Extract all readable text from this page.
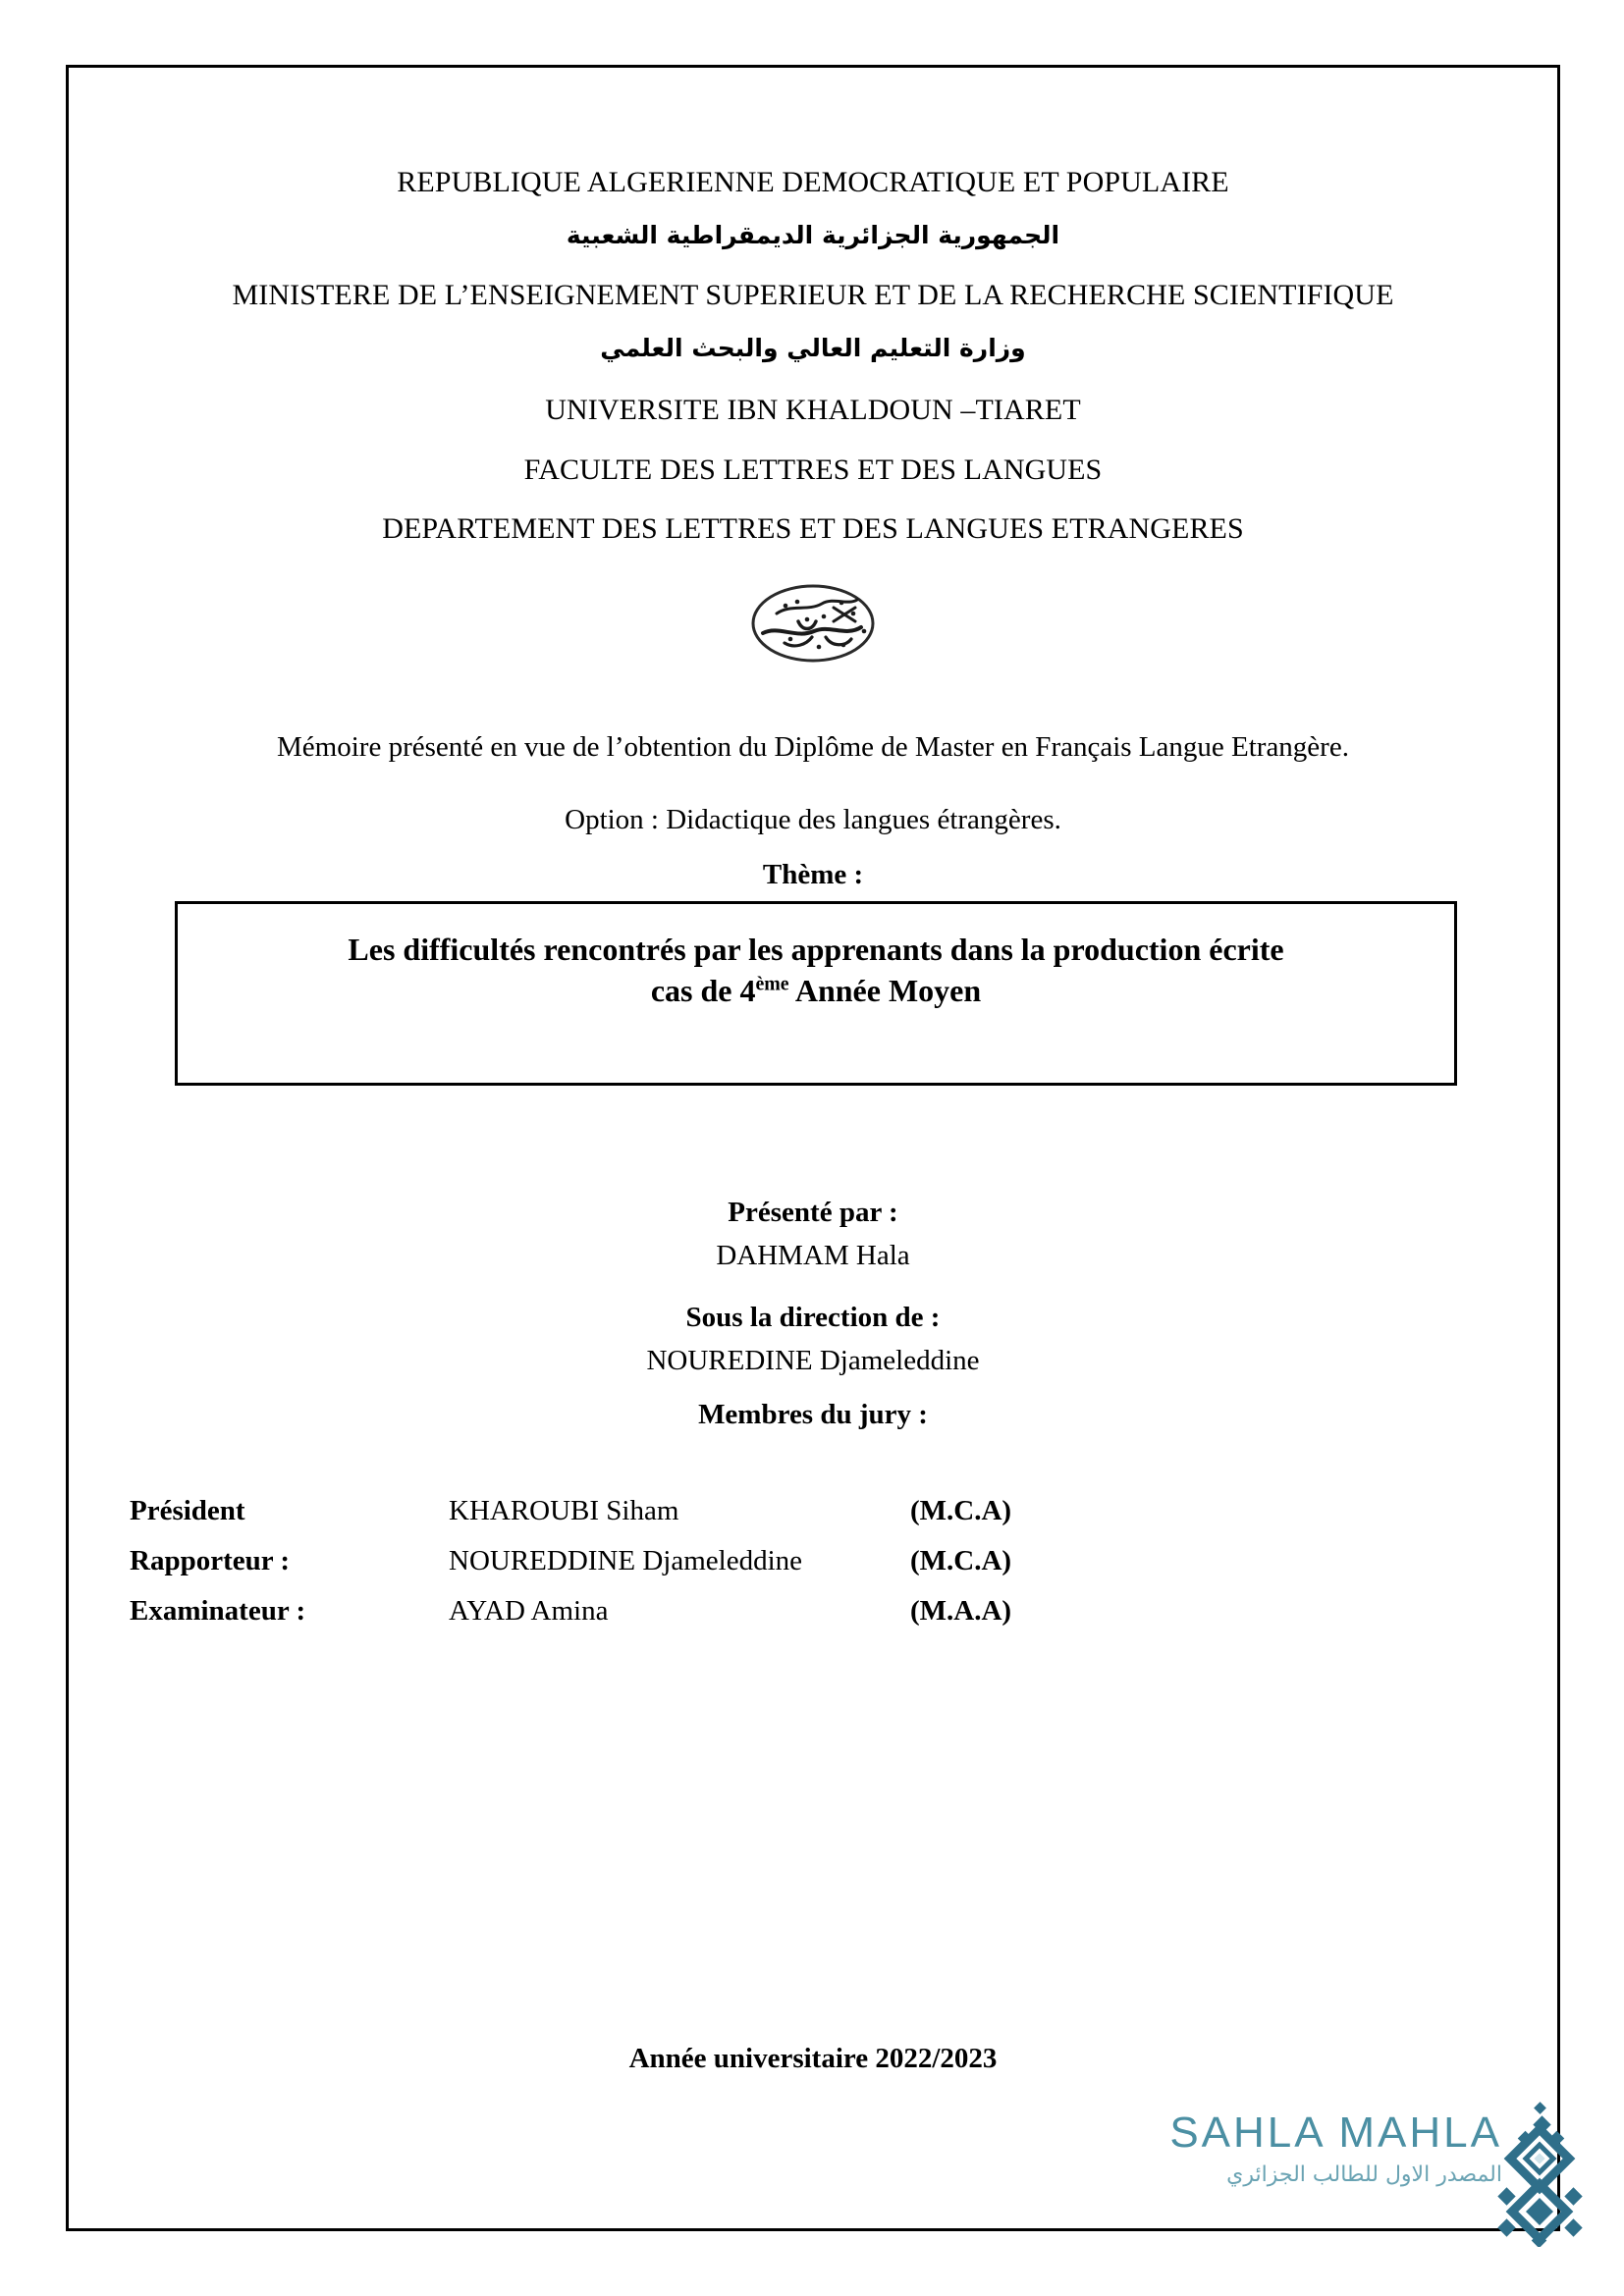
REPUBLIQUE ALGERIENNE DEMOCRATIQUE ET POPULAIRE
الجمهورية الجزائرية الديمقراطية الشعبية
MINISTERE DE L’ENSEIGNEMENT SUPERIEUR ET DE LA RECHERCHE SCIENTIFIQUE
وزارة التعليم العالي والبحث العلمي
UNIVERSITE IBN KHALDOUN –TIARET
FACULTE DES LETTRES ET DES LANGUES
DEPARTEMENT DES LETTRES ET DES LANGUES ETRANGERES

Mémoire présenté en vue de l’obtention du Diplôme de Master en Français Langue Etrangère.

Option : Didactique des langues étrangères.

Thème :
Les difficultés rencontrés par les apprenants dans la production écrite
cas de 4ème Année Moyen
Présenté par :
DAHMAM Hala
Sous la direction de :
NOUREDINE Djameleddine
Membres du jury :
Président	KHAROUBI Siham	(M.C.A)
Rapporteur :	NOUREDDINE Djameleddine	(M.C.A)
Examinateur :	AYAD Amina	(M.A.A)
Année universitaire 2022/2023
SAHLA MAHLA
المصدر الاول للطالب الجزائري
